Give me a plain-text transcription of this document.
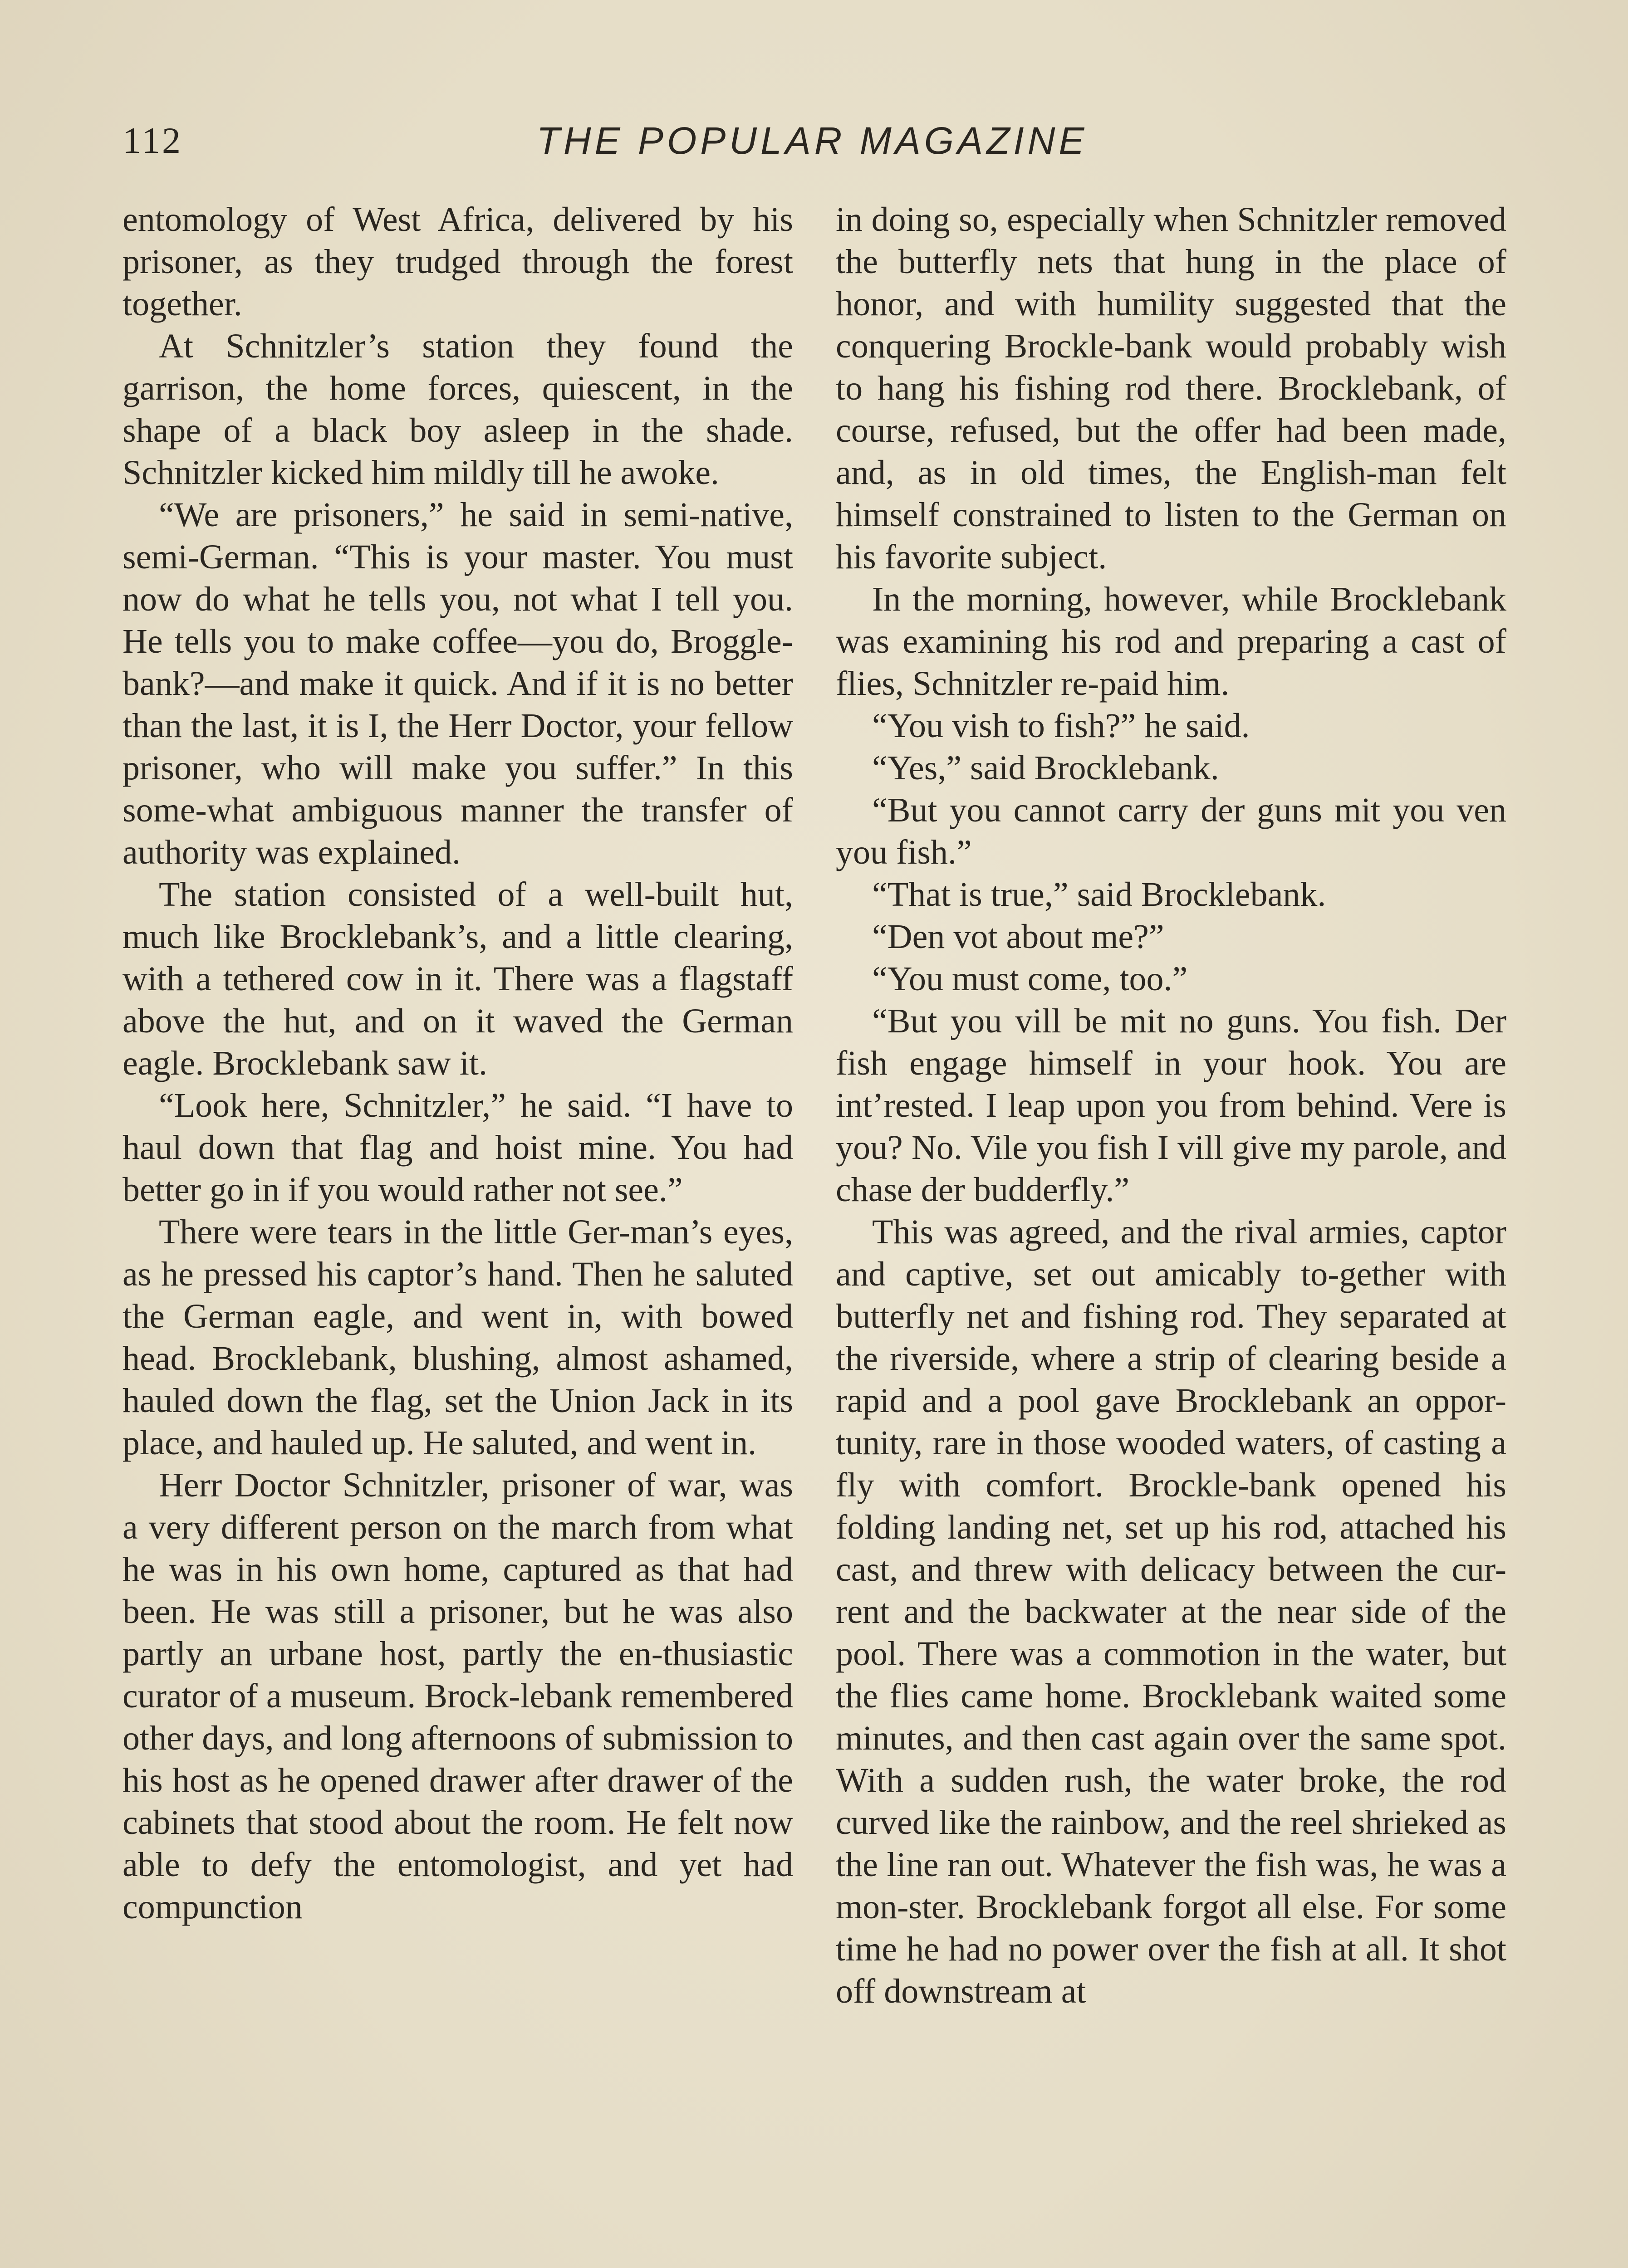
112	THE POPULAR MAGAZINE

entomology of West Africa, delivered by his prisoner, as they trudged through the forest together.

At Schnitzler’s station they found the garrison, the home forces, quiescent, in the shape of a black boy asleep in the shade. Schnitzler kicked him mildly till he awoke.

“We are prisoners,” he said in semi-native, semi-German. “This is your master. You must now do what he tells you, not what I tell you. He tells you to make coffee—you do, Broggle-bank?—and make it quick. And if it is no better than the last, it is I, the Herr Doctor, your fellow prisoner, who will make you suffer.” In this some-what ambiguous manner the transfer of authority was explained.

The station consisted of a well-built hut, much like Brocklebank’s, and a little clearing, with a tethered cow in it. There was a flagstaff above the hut, and on it waved the German eagle. Brocklebank saw it.

“Look here, Schnitzler,” he said. “I have to haul down that flag and hoist mine. You had better go in if you would rather not see.”

There were tears in the little Ger-man’s eyes, as he pressed his captor’s hand. Then he saluted the German eagle, and went in, with bowed head. Brocklebank, blushing, almost ashamed, hauled down the flag, set the Union Jack in its place, and hauled up. He saluted, and went in.

Herr Doctor Schnitzler, prisoner of war, was a very different person on the march from what he was in his own home, captured as that had been. He was still a prisoner, but he was also partly an urbane host, partly the en-thusiastic curator of a museum. Brock-lebank remembered other days, and long afternoons of submission to his host as he opened drawer after drawer of the cabinets that stood about the room. He felt now able to defy the entomologist, and yet had compunction

in doing so, especially when Schnitzler removed the butterfly nets that hung in the place of honor, and with humility suggested that the conquering Brockle-bank would probably wish to hang his fishing rod there. Brocklebank, of course, refused, but the offer had been made, and, as in old times, the English-man felt himself constrained to listen to the German on his favorite subject.

In the morning, however, while Brocklebank was examining his rod and preparing a cast of flies, Schnitzler re-paid him.

“You vish to fish?” he said.

“Yes,” said Brocklebank.

“But you cannot carry der guns mit you ven you fish.”

“That is true,” said Brocklebank.

“Den vot about me?”

“You must come, too.”

“But you vill be mit no guns. You fish. Der fish engage himself in your hook. You are int’rested. I leap upon you from behind. Vere is you? No. Vile you fish I vill give my parole, and chase der budderfly.”

This was agreed, and the rival armies, captor and captive, set out amicably to-gether with butterfly net and fishing rod. They separated at the riverside, where a strip of clearing beside a rapid and a pool gave Brocklebank an oppor-tunity, rare in those wooded waters, of casting a fly with comfort. Brockle-bank opened his folding landing net, set up his rod, attached his cast, and threw with delicacy between the cur-rent and the backwater at the near side of the pool. There was a commotion in the water, but the flies came home. Brocklebank waited some minutes, and then cast again over the same spot. With a sudden rush, the water broke, the rod curved like the rainbow, and the reel shrieked as the line ran out. Whatever the fish was, he was a mon-ster. Brocklebank forgot all else. For some time he had no power over the fish at all. It shot off downstream at
